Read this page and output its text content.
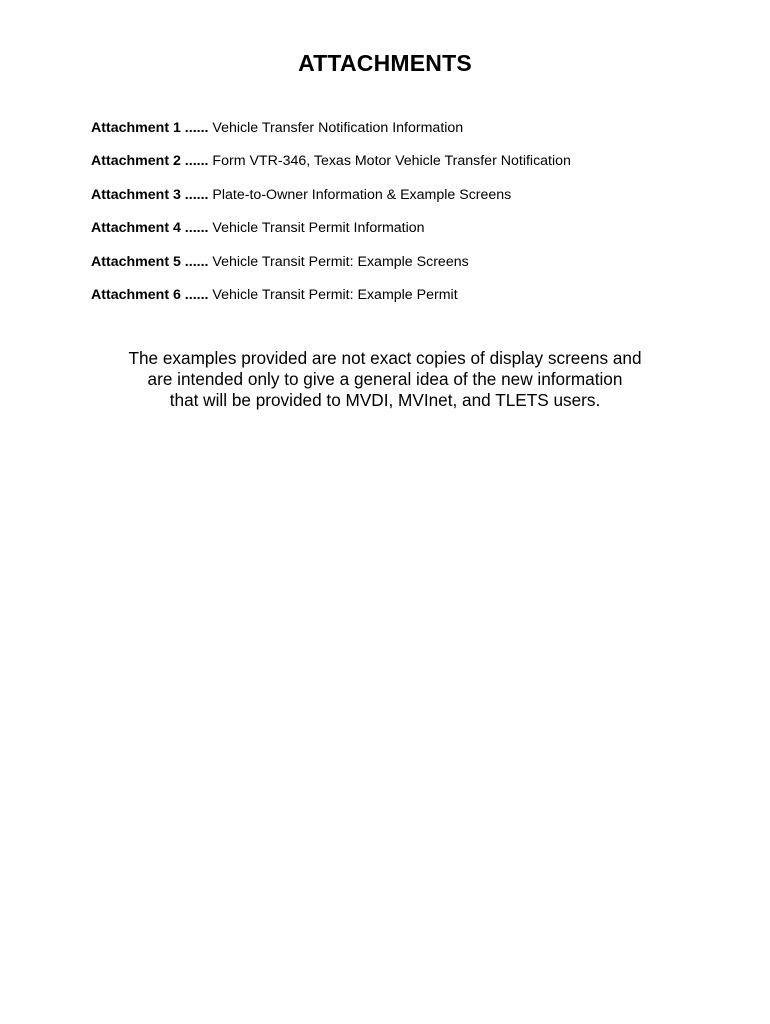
ATTACHMENTS
Attachment 1 ...... Vehicle Transfer Notification Information
Attachment 2 ...... Form VTR-346, Texas Motor Vehicle Transfer Notification
Attachment 3 ...... Plate-to-Owner Information & Example Screens
Attachment 4 ...... Vehicle Transit Permit Information
Attachment 5 ...... Vehicle Transit Permit: Example Screens
Attachment 6 ...... Vehicle Transit Permit: Example Permit

The examples provided are not exact copies of display screens and
are intended only to give a general idea of the new information
that will be provided to MVDI, MVInet, and TLETS users.
